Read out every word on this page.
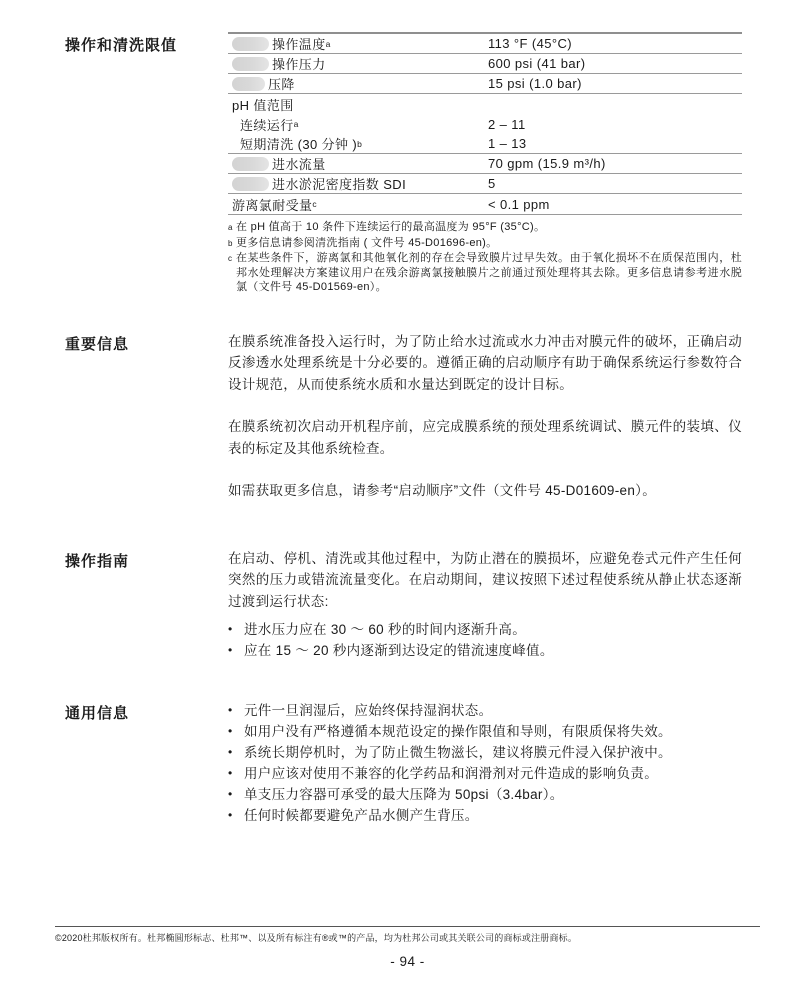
操作和清洗限值	操作温度 a	113 °F (45°C)
操作压力	600 psi (41 bar)
压降	15 psi (1.0 bar)
pH 值范围
连续运行 a	2 – 11
短期清洗 (30 分钟 ) b	1 – 13
进水流量	70 gpm (15.9 m³/h)
进水淤泥密度指数 SDI	5
游离氯耐受量 c	< 0.1 ppm
a 在 pH 值高于 10 条件下连续运行的最高温度为 95°F (35°C)。
b 更多信息请参阅清洗指南 ( 文件号 45-D01696-en)。
c 在某些条件下，游离氯和其他氧化剂的存在会导致膜片过早失效。由于氧化损坏不在质保范围内，杜邦水处理解决方案建议用户在残余游离氯接触膜片之前通过预处理将其去除。更多信息请参考进水脱氯（文件号 45-D01569-en）。
重要信息	在膜系统准备投入运行时，为了防止给水过流或水力冲击对膜元件的破坏，正确启动反渗透水处理系统是十分必要的。遵循正确的启动顺序有助于确保系统运行参数符合设计规范，从而使系统水质和水量达到既定的设计目标。

在膜系统初次启动开机程序前，应完成膜系统的预处理系统调试、膜元件的装填、仪表的标定及其他系统检查。

如需获取更多信息，请参考“启动顺序”文件（文件号 45-D01609-en）。

操作指南	在启动、停机、清洗或其他过程中，为防止潜在的膜损坏，应避免卷式元件产生任何突然的压力或错流流量变化。在启动期间，建议按照下述过程使系统从静止状态逐渐过渡到运行状态:

• 进水压力应在 30 ～ 60 秒的时间内逐渐升高。
• 应在 15 ～ 20 秒内逐渐到达设定的错流速度峰值。
通用信息	• 元件一旦润湿后，应始终保持湿润状态。
• 如用户没有严格遵循本规范设定的操作限值和导则，有限质保将失效。
• 系统长期停机时，为了防止微生物滋长，建议将膜元件浸入保护液中。
• 用户应该对使用不兼容的化学药品和润滑剂对元件造成的影响负责。
• 单支压力容器可承受的最大压降为 50psi（3.4bar）。
• 任何时候都要避免产品水侧产生背压。
©2020杜邦版权所有。杜邦椭圆形标志、杜邦™、以及所有标注有®或™的产品，均为杜邦公司或其关联公司的商标或注册商标。
- 94 -
